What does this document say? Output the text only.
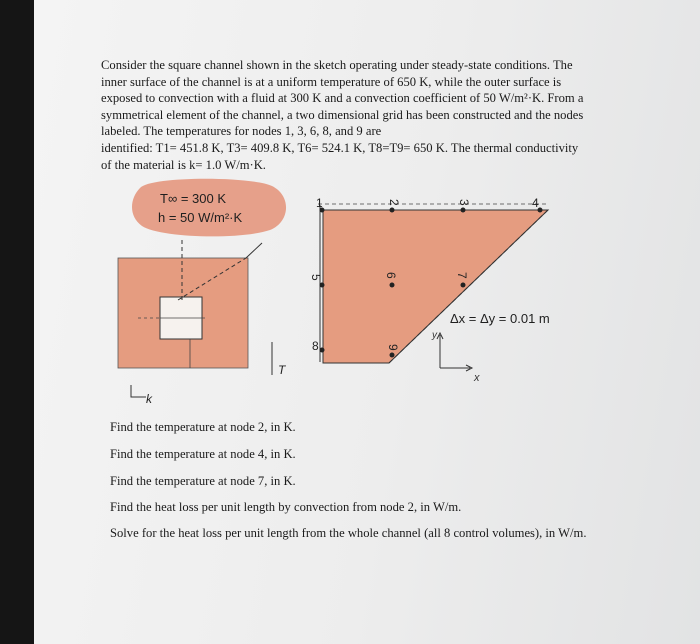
Consider the square channel shown in the sketch operating under steady-state conditions. The
inner surface of the channel is at a uniform temperature of 650 K, while the outer surface is
exposed to convection with a fluid at 300 K and a convection coefficient of 50 W/m²·K. From a
symmetrical element of the channel, a two dimensional grid has been constructed and the nodes
labeled. The temperatures for nodes 1, 3, 6, 8, and 9 are
identified: T1= 451.8 K, T3= 409.8 K, T6= 524.1 K, T8=T9= 650 K. The thermal conductivity
of the material is k= 1.0 W/m·K.

T∞ = 300 K
h = 50 W/m²·K
T
k
1	2	3	4
5	6	7
8	9
Δx = Δy = 0.01 m
y
x
Find the temperature at node 2, in K.
Find the temperature at node 4, in K.
Find the temperature at node 7, in K.
Find the heat loss per unit length by convection from node 2, in W/m.
Solve for the heat loss per unit length from the whole channel (all 8 control volumes), in W/m.
